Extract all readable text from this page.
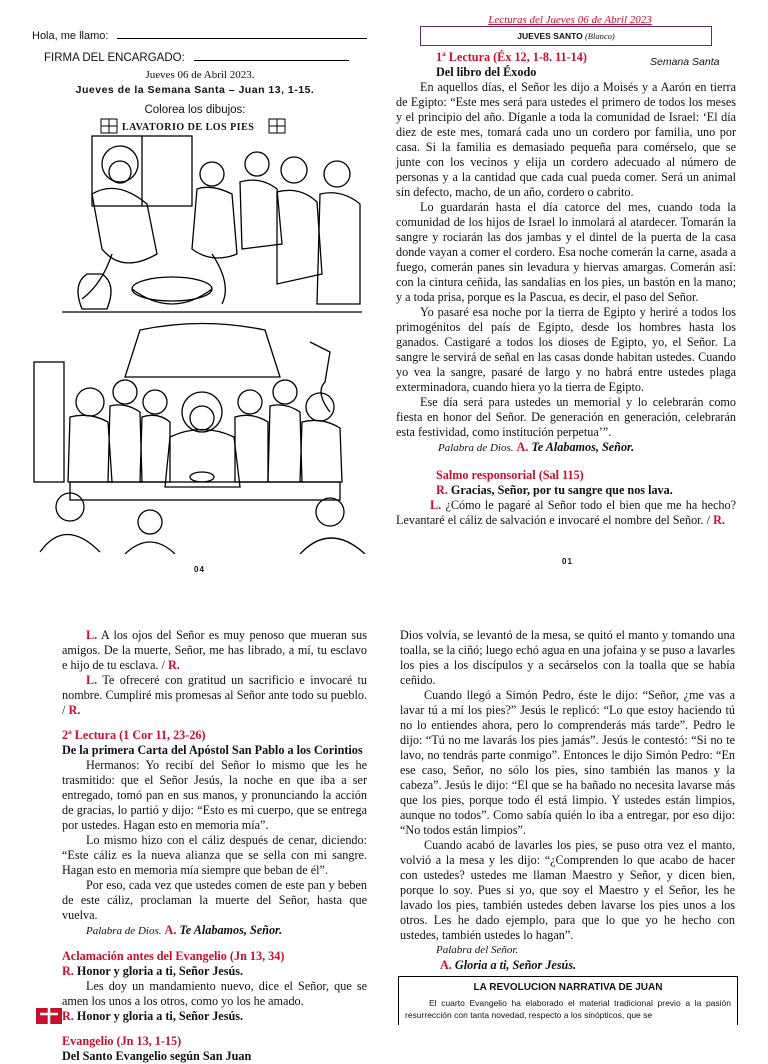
Hola, me llamo:
FIRMA DEL ENCARGADO:
Jueves 06 de Abril 2023.
Jueves de la Semana Santa – Juan 13, 1-15.
Colorea los dibujos:
LAVATORIO DE LOS PIES
04
Lecturas del Jueves 06 de Abril 2023
JUEVES SANTO (Blanco)
Semana Santa

1ª Lectura (Éx 12, 1-8. 11-14)

Del libro del Éxodo

En aquellos días, el Señor les dijo a Moisés y a Aarón en tierra de Egipto: “Este mes será para ustedes el primero de todos los meses y el principio del año. Díganle a toda la comunidad de Israel: ‘El día diez de este mes, tomará cada uno un cordero por familia, uno por casa. Si la familia es demasiado pequeña para comérselo, que se junte con los vecinos y elija un cordero adecuado al número de personas y a la cantidad que cada cual pueda comer. Será un animal sin defecto, macho, de un año, cordero o cabrito.

Lo guardarán hasta el día catorce del mes, cuando toda la comunidad de los hijos de Israel lo inmolará al atardecer. Tomarán la sangre y rociarán las dos jambas y el dintel de la puerta de la casa donde vayan a comer el cordero. Esa noche comerán la carne, asada a fuego, comerán panes sin levadura y hiervas amargas. Comerán así: con la cintura ceñida, las sandalias en los pies, un bastón en la mano; y a toda prisa, porque es la Pascua, es decir, el paso del Señor.

Yo pasaré esa noche por la tierra de Egipto y heriré a todos los primogénitos del país de Egipto, desde los hombres hasta los ganados. Castigaré a todos los dioses de Egipto, yo, el Señor. La sangre le servirá de señal en las casas donde habitan ustedes. Cuando yo vea la sangre, pasaré de largo y no habrá entre ustedes plaga exterminadora, cuando hiera yo la tierra de Egipto.

Ese día será para ustedes un memorial y lo celebrarán como fiesta en honor del Señor. De generación en generación, celebrarán esta festividad, como institución perpetua’”.

Palabra de Dios. A. Te Alabamos, Señor.

Salmo responsorial (Sal 115)

R. Gracias, Señor, por tu sangre que nos lava.

L. ¿Cómo le pagaré al Señor todo el bien que me ha hecho? Levantaré el cáliz de salvación e invocaré el nombre del Señor. / R.

01

L. A los ojos del Señor es muy penoso que mueran sus amigos. De la muerte, Señor, me has librado, a mí, tu esclavo e hijo de tu esclava. / R.

L. Te ofreceré con gratitud un sacrificio e invocaré tu nombre. Cumpliré mis promesas al Señor ante todo su pueblo. / R.

2ª Lectura (1 Cor 11, 23-26)

De la primera Carta del Apóstol San Pablo a los Corintios

Hermanos: Yo recibí del Señor lo mismo que les he trasmitido: que el Señor Jesús, la noche en que iba a ser entregado, tomó pan en sus manos, y pronunciando la acción de gracias, lo partió y dijo: “Esto es mi cuerpo, que se entrega por ustedes. Hagan esto en memoria mía”.

Lo mismo hizo con el cáliz después de cenar, diciendo: “Este cáliz es la nueva alianza que se sella con mi sangre. Hagan esto en memoria mía siempre que beban de él”.

Por eso, cada vez que ustedes comen de este pan y beben de este cáliz, proclaman la muerte del Señor, hasta que vuelva.

Palabra de Dios. A. Te Alabamos, Señor.

Aclamación antes del Evangelio (Jn 13, 34)

R. Honor y gloria a ti, Señor Jesús.

Les doy un mandamiento nuevo, dice el Señor, que se amen los unos a los otros, como yo los he amado.

R. Honor y gloria a ti, Señor Jesús.

Evangelio (Jn 13, 1-15)

Del Santo Evangelio según San Juan

Dios volvía, se levantó de la mesa, se quitó el manto y tomando una toalla, se la ciñó; luego echó agua en una jofaina y se puso a lavarles los pies a los discípulos y a secárselos con la toalla que se había ceñido.

Cuando llegó a Simón Pedro, éste le dijo: “Señor, ¿me vas a lavar tú a mí los pies?” Jesús le replicó: “Lo que estoy haciendo tú no lo entiendes ahora, pero lo comprenderás más tarde”. Pedro le dijo: “Tú no me lavarás los pies jamás”. Jesús le contestó: “Si no te lavo, no tendrás parte conmigo”. Entonces le dijo Simón Pedro: “En ese caso, Señor, no sólo los pies, sino también las manos y la cabeza”. Jesús le dijo: “El que se ha bañado no necesita lavarse más que los pies, porque todo él está limpio. Y ustedes están limpios, aunque no todos”. Como sabía quién lo iba a entregar, por eso dijo: “No todos están limpios”.

Cuando acabó de lavarles los pies, se puso otra vez el manto, volvió a la mesa y les dijo: “¿Comprenden lo que acabo de hacer con ustedes? ustedes me llaman Maestro y Señor, y dicen bien, porque lo soy. Pues si yo, que soy el Maestro y el Señor, les he lavado los pies, también ustedes deben lavarse los pies unos a los otros. Les he dado ejemplo, para que lo que yo he hecho con ustedes, también ustedes lo hagan”.

Palabra del Señor.

A. Gloria a ti, Señor Jesús.

LA REVOLUCION NARRATIVA DE JUAN
El cuarto Evangelio ha elaborado el material tradicional previo a la pasión resurrección con tanta novedad, respecto a los sinópticos, que se
